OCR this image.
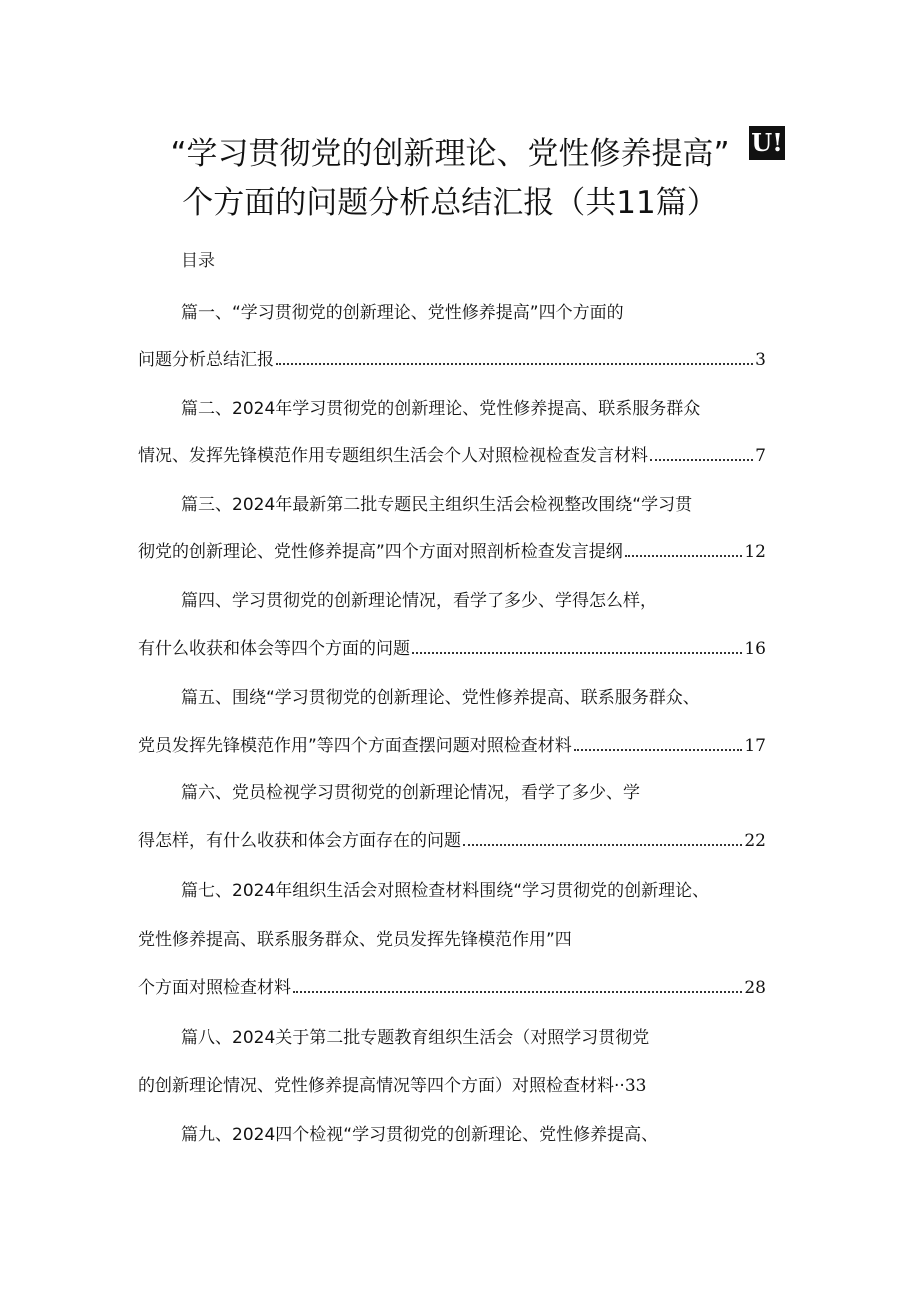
“学习贯彻党的创新理论、党性修养提高” U!
个方面的问题分析总结汇报（共11篇）
目录
篇一、“学习贯彻党的创新理论、党性修养提高”四个方面的
问题分析总结汇报	3
篇二、2024年学习贯彻党的创新理论、党性修养提高、联系服务群众
情况、发挥先锋模范作用专题组织生活会个人对照检视检查发言材料	7
篇三、2024年最新第二批专题民主组织生活会检视整改围绕“学习贯
彻党的创新理论、党性修养提高”四个方面对照剖析检查发言提纲	12
篇四、学习贯彻党的创新理论情况，看学了多少、学得怎么样，
有什么收获和体会等四个方面的问题	16
篇五、围绕“学习贯彻党的创新理论、党性修养提高、联系服务群众、
党员发挥先锋模范作用”等四个方面查摆问题对照检查材料	17
篇六、党员检视学习贯彻党的创新理论情况，看学了多少、学
得怎样，有什么收获和体会方面存在的问题	22
篇七、2024年组织生活会对照检查材料围绕“学习贯彻党的创新理论、
党性修养提高、联系服务群众、党员发挥先锋模范作用”四
个方面对照检查材料	28
篇八、2024关于第二批专题教育组织生活会（对照学习贯彻党
的创新理论情况、党性修养提高情况等四个方面）对照检查材料·· 33
篇九、2024四个检视“学习贯彻党的创新理论、党性修养提高、
